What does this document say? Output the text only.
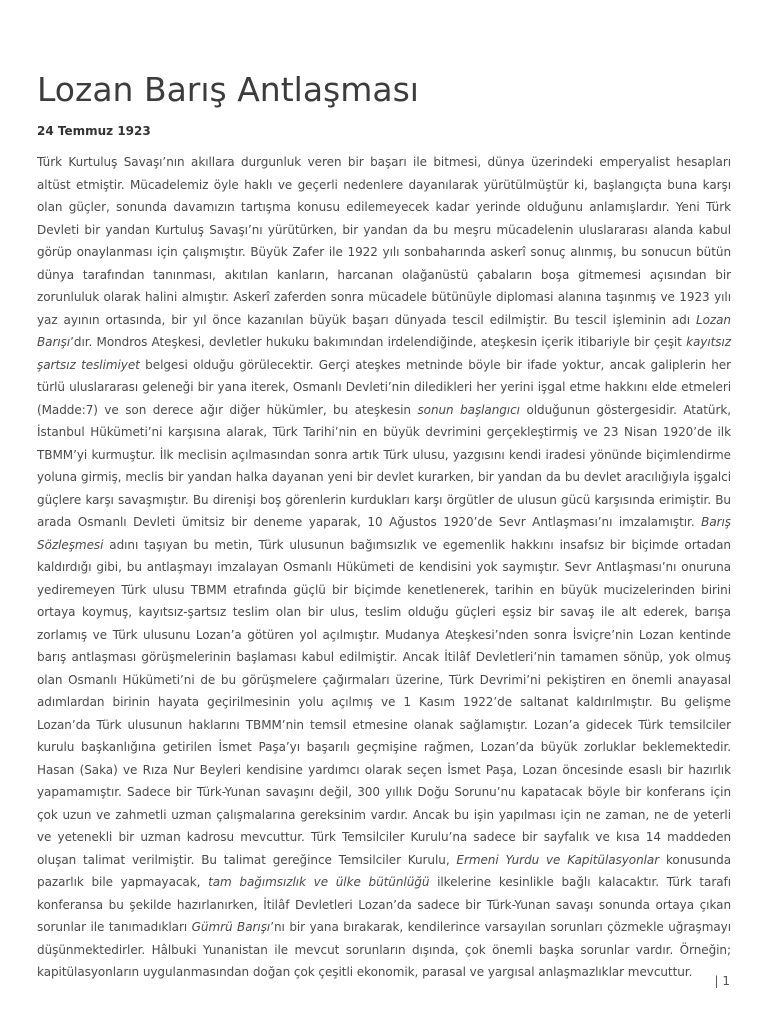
Lozan Barış Antlaşması
24 Temmuz 1923

Türk Kurtuluş Savaşı’nın akıllara durgunluk veren bir başarı ile bitmesi, dünya üzerindeki emperyalist hesapları altüst etmiştir. Mücadelemiz öyle haklı ve geçerli nedenlere dayanılarak yürütülmüştür ki, başlangıçta buna karşı olan güçler, sonunda davamızın tartışma konusu edilemeyecek kadar yerinde olduğunu anlamışlardır. Yeni Türk Devleti bir yandan Kurtuluş Savaşı’nı yürütürken, bir yandan da bu meşru mücadelenin uluslararası alanda kabul görüp onaylanması için çalışmıştır. Büyük Zafer ile 1922 yılı sonbaharında askerî sonuç alınmış, bu sonucun bütün dünya tarafından tanınması, akıtılan kanların, harcanan olağanüstü çabaların boşa gitmemesi açısından bir zorunluluk olarak halini almıştır. Askerî zaferden sonra mücadele bütünüyle diplomasi alanına taşınmış ve 1923 yılı yaz ayının ortasında, bir yıl önce kazanılan büyük başarı dünyada tescil edilmiştir. Bu tescil işleminin adı Lozan Barışı’dır. Mondros Ateşkesi, devletler hukuku bakımından irdelendiğinde, ateşkesin içerik itibariyle bir çeşit kayıtsız şartsız teslimiyet belgesi olduğu görülecektir. Gerçi ateşkes metninde böyle bir ifade yoktur, ancak galiplerin her türlü uluslararası geleneği bir yana iterek, Osmanlı Devleti’nin diledikleri her yerini işgal etme hakkını elde etmeleri (Madde:7) ve son derece ağır diğer hükümler, bu ateşkesin sonun başlangıcı olduğunun göstergesidir. Atatürk, İstanbul Hükümeti’ni karşısına alarak, Türk Tarihi’nin en büyük devrimini gerçekleştirmiş ve 23 Nisan 1920’de ilk TBMM’yi kurmuştur. İlk meclisin açılmasından sonra artık Türk ulusu, yazgısını kendi iradesi yönünde biçimlendirme yoluna girmiş, meclis bir yandan halka dayanan yeni bir devlet kurarken, bir yandan da bu devlet aracılığıyla işgalci güçlere karşı savaşmıştır. Bu direnişi boş görenlerin kurdukları karşı örgütler de ulusun gücü karşısında erimiştir. Bu arada Osmanlı Devleti ümitsiz bir deneme yaparak, 10 Ağustos 1920’de Sevr Antlaşması’nı imzalamıştır. Barış Sözleşmesi adını taşıyan bu metin, Türk ulusunun bağımsızlık ve egemenlik hakkını insafsız bir biçimde ortadan kaldırdığı gibi, bu antlaşmayı imzalayan Osmanlı Hükümeti de kendisini yok saymıştır. Sevr Antlaşması’nı onuruna yediremeyen Türk ulusu TBMM etrafında güçlü bir biçimde kenetlenerek, tarihin en büyük mucizelerinden birini ortaya koymuş, kayıtsız-şartsız teslim olan bir ulus, teslim olduğu güçleri eşsiz bir savaş ile alt ederek, barışa zorlamış ve Türk ulusunu Lozan’a götüren yol açılmıştır. Mudanya Ateşkesi’nden sonra İsviçre’nin Lozan kentinde barış antlaşması görüşmelerinin başlaması kabul edilmiştir. Ancak İtilâf Devletleri’nin tamamen sönüp, yok olmuş olan Osmanlı Hükümeti’ni de bu görüşmelere çağırmaları üzerine, Türk Devrimi’ni pekiştiren en önemli anayasal adımlardan birinin hayata geçirilmesinin yolu açılmış ve 1 Kasım 1922’de saltanat kaldırılmıştır. Bu gelişme Lozan’da Türk ulusunun haklarını TBMM’nin temsil etmesine olanak sağlamıştır. Lozan’a gidecek Türk temsilciler kurulu başkanlığına getirilen İsmet Paşa’yı başarılı geçmişine rağmen, Lozan’da büyük zorluklar beklemektedir. Hasan (Saka) ve Rıza Nur Beyleri kendisine yardımcı olarak seçen İsmet Paşa, Lozan öncesinde esaslı bir hazırlık yapamamıştır. Sadece bir Türk-Yunan savaşını değil, 300 yıllık Doğu Sorunu’nu kapatacak böyle bir konferans için çok uzun ve zahmetli uzman çalışmalarına gereksinim vardır. Ancak bu işin yapılması için ne zaman, ne de yeterli ve yetenekli bir uzman kadrosu mevcuttur. Türk Temsilciler Kurulu’na sadece bir sayfalık ve kısa 14 maddeden oluşan talimat verilmiştir. Bu talimat gereğince Temsilciler Kurulu, Ermeni Yurdu ve Kapitülasyonlar konusunda pazarlık bile yapmayacak, tam bağımsızlık ve ülke bütünlüğü ilkelerine kesinlikle bağlı kalacaktır. Türk tarafı konferansa bu şekilde hazırlanırken, İtilâf Devletleri Lozan’da sadece bir Türk-Yunan savaşı sonunda ortaya çıkan sorunlar ile tanımadıkları Gümrü Barışı’nı bir yana bırakarak, kendilerince varsayılan sorunları çözmekle uğraşmayı düşünmektedirler. Hâlbuki Yunanistan ile mevcut sorunların dışında, çok önemli başka sorunlar vardır. Örneğin; kapitülasyonların uygulanmasından doğan çok çeşitli ekonomik, parasal ve yargısal anlaşmazlıklar mevcuttur.

| 1
